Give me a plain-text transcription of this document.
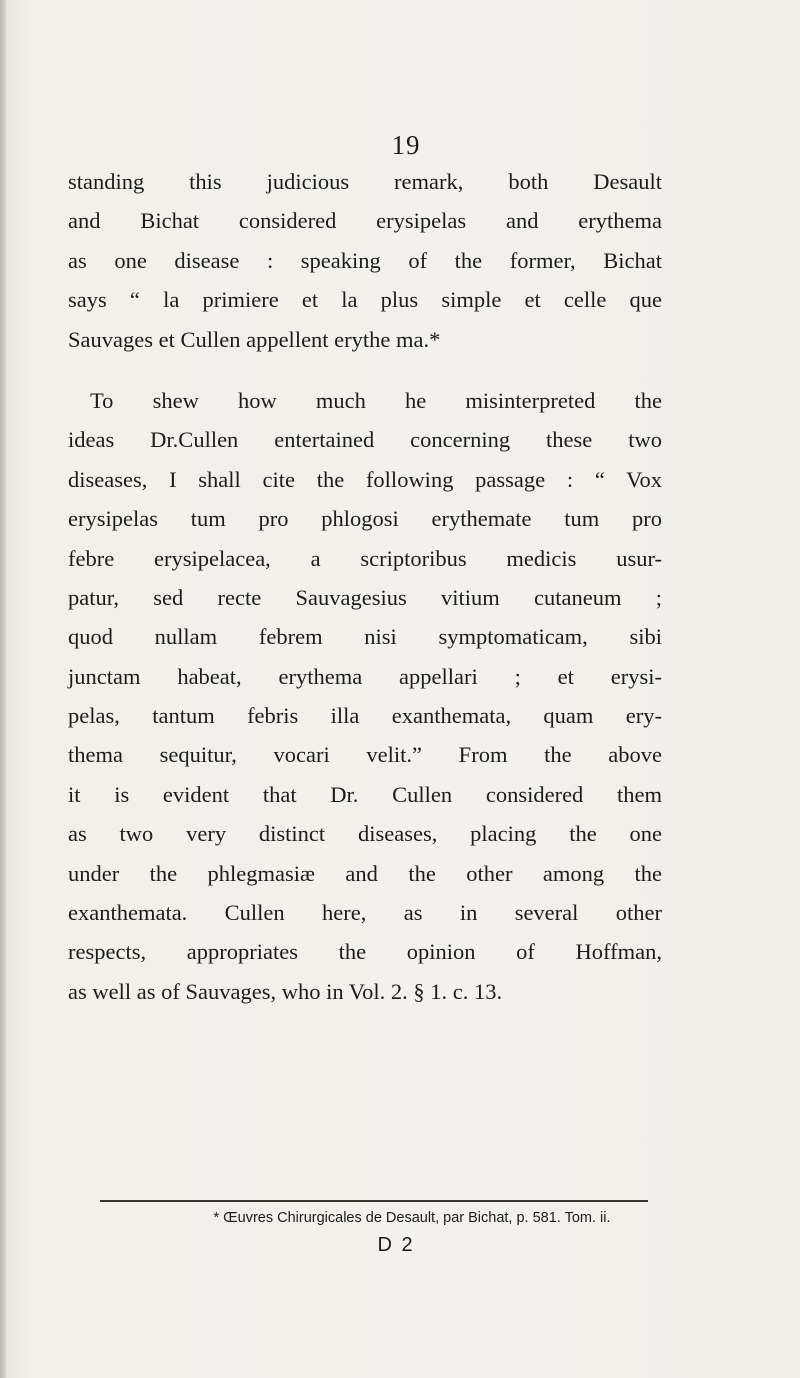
19
standing this judicious remark, both Desault
and Bichat considered erysipelas and erythema
as one disease : speaking of the former, Bichat
says “ la primiere et la plus simple et celle que
Sauvages et Cullen appellent erythe ma.*
To shew how much he misinterpreted the
ideas Dr.Cullen entertained concerning these two
diseases, I shall cite the following passage : “ Vox
erysipelas tum pro phlogosi erythemate tum pro
febre erysipelacea, a scriptoribus medicis usur-
patur, sed recte Sauvagesius vitium cutaneum ;
quod nullam febrem nisi symptomaticam, sibi
junctam habeat, erythema appellari ; et erysi-
pelas, tantum febris illa exanthemata, quam ery-
thema sequitur, vocari velit.” From the above
it is evident that Dr. Cullen considered them
as two very distinct diseases, placing the one
under the phlegmasiæ and the other among the
exanthemata. Cullen here, as in several other
respects, appropriates the opinion of Hoffman,
as well as of Sauvages, who in Vol. 2. § 1. c. 13.
* Œuvres Chirurgicales de Desault, par Bichat, p. 581. Tom. ii.
D 2
